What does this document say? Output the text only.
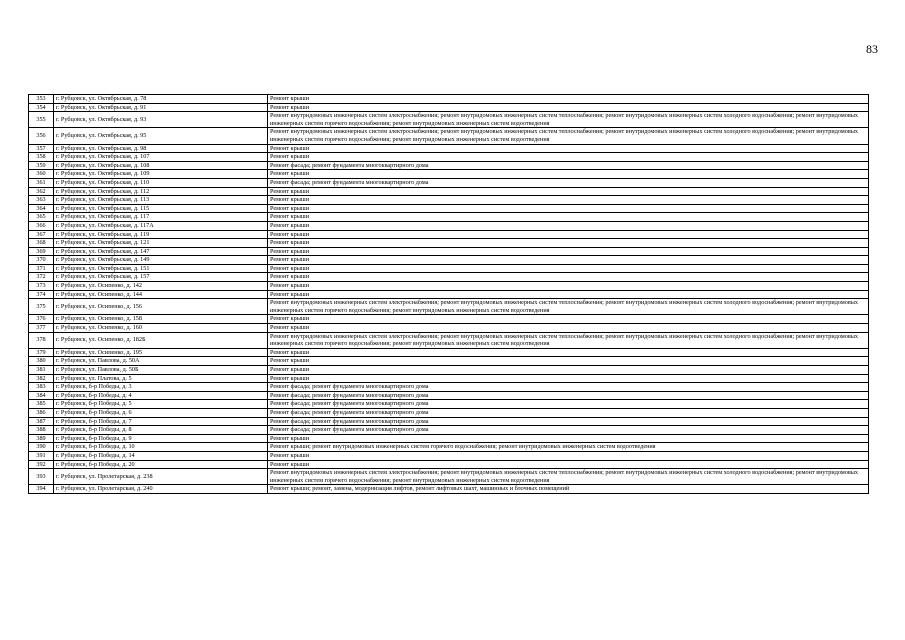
83
353	г. Рубцовск, ул. Октябрьская, д. 78	Ремонт крыши
354	г. Рубцовск, ул. Октябрьская, д. 91	Ремонт крыши
355	г. Рубцовск, ул. Октябрьская, д. 93	Ремонт внутридомовых инженерных систем электроснабжения; ремонт внутридомовых инженерных систем теплоснабжения; ремонт внутридомовых инженерных систем холодного водоснабжения; ремонт внутридомовых инженерных систем горячего водоснабжения; ремонт внутридомовых инженерных систем водоотведения
356	г. Рубцовск, ул. Октябрьская, д. 95	Ремонт внутридомовых инженерных систем электроснабжения; ремонт внутридомовых инженерных систем теплоснабжения; ремонт внутридомовых инженерных систем холодного водоснабжения; ремонт внутридомовых инженерных систем горячего водоснабжения; ремонт внутридомовых инженерных систем водоотведения
357	г. Рубцовск, ул. Октябрьская, д. 98	Ремонт крыши
358	г. Рубцовск, ул. Октябрьская, д. 107	Ремонт крыши
359	г. Рубцовск, ул. Октябрьская, д. 108	Ремонт фасада; ремонт фундамента многоквартирного дома
360	г. Рубцовск, ул. Октябрьская, д. 109	Ремонт крыши
361	г. Рубцовск, ул. Октябрьская, д. 110	Ремонт фасада; ремонт фундамента многоквартирного дома
362	г. Рубцовск, ул. Октябрьская, д. 112	Ремонт крыши
363	г. Рубцовск, ул. Октябрьская, д. 113	Ремонт крыши
364	г. Рубцовск, ул. Октябрьская, д. 115	Ремонт крыши
365	г. Рубцовск, ул. Октябрьская, д. 117	Ремонт крыши
366	г. Рубцовск, ул. Октябрьская, д. 117А	Ремонт крыши
367	г. Рубцовск, ул. Октябрьская, д. 119	Ремонт крыши
368	г. Рубцовск, ул. Октябрьская, д. 121	Ремонт крыши
369	г. Рубцовск, ул. Октябрьская, д. 147	Ремонт крыши
370	г. Рубцовск, ул. Октябрьская, д. 149	Ремонт крыши
371	г. Рубцовск, ул. Октябрьская, д. 151	Ремонт крыши
372	г. Рубцовск, ул. Октябрьская, д. 157	Ремонт крыши
373	г. Рубцовск, ул. Осипенко, д. 142	Ремонт крыши
374	г. Рубцовск, ул. Осипенко, д. 144	Ремонт крыши
375	г. Рубцовск, ул. Осипенко, д. 156	Ремонт внутридомовых инженерных систем электроснабжения; ремонт внутридомовых инженерных систем теплоснабжения; ремонт внутридомовых инженерных систем холодного водоснабжения; ремонт внутридомовых инженерных систем горячего водоснабжения; ремонт внутридомовых инженерных систем водоотведения
376	г. Рубцовск, ул. Осипенко, д. 158	Ремонт крыши
377	г. Рубцовск, ул. Осипенко, д. 160	Ремонт крыши
378	г. Рубцовск, ул. Осипенко, д. 182Б	Ремонт внутридомовых инженерных систем электроснабжения; ремонт внутридомовых инженерных систем теплоснабжения; ремонт внутридомовых инженерных систем холодного водоснабжения; ремонт внутридомовых инженерных систем горячего водоснабжения; ремонт внутридомовых инженерных систем водоотведения
379	г. Рубцовск, ул. Осипенко, д. 195	Ремонт крыши
380	г. Рубцовск, ул. Павлова, д. 50А	Ремонт крыши
381	г. Рубцовск, ул. Павлова, д. 50Б	Ремонт крыши
382	г. Рубцовск, ул. Платова, д. 5	Ремонт крыши
383	г. Рубцовск, б-р Победы, д. 3	Ремонт фасада; ремонт фундамента многоквартирного дома
384	г. Рубцовск, б-р Победы, д. 4	Ремонт фасада; ремонт фундамента многоквартирного дома
385	г. Рубцовск, б-р Победы, д. 5	Ремонт фасада; ремонт фундамента многоквартирного дома
386	г. Рубцовск, б-р Победы, д. 6	Ремонт фасада; ремонт фундамента многоквартирного дома
387	г. Рубцовск, б-р Победы, д. 7	Ремонт фасада; ремонт фундамента многоквартирного дома
388	г. Рубцовск, б-р Победы, д. 8	Ремонт фасада; ремонт фундамента многоквартирного дома
389	г. Рубцовск, б-р Победы, д. 9	Ремонт крыши
390	г. Рубцовск, б-р Победы, д. 10	Ремонт крыши; ремонт внутридомовых инженерных систем горячего водоснабжения; ремонт внутридомовых инженерных систем водоотведения
391	г. Рубцовск, б-р Победы, д. 14	Ремонт крыши
392	г. Рубцовск, б-р Победы, д. 20	Ремонт крыши
393	г. Рубцовск, ул. Пролетарская, д. 238	Ремонт внутридомовых инженерных систем электроснабжения; ремонт внутридомовых инженерных систем теплоснабжения; ремонт внутридомовых инженерных систем холодного водоснабжения; ремонт внутридомовых инженерных систем горячего водоснабжения; ремонт внутридомовых инженерных систем водоотведения
394	г. Рубцовск, ул. Пролетарская, д. 240	Ремонт крыши; ремонт, замена, модернизация лифтов, ремонт лифтовых шахт, машинных и блочных помещений
